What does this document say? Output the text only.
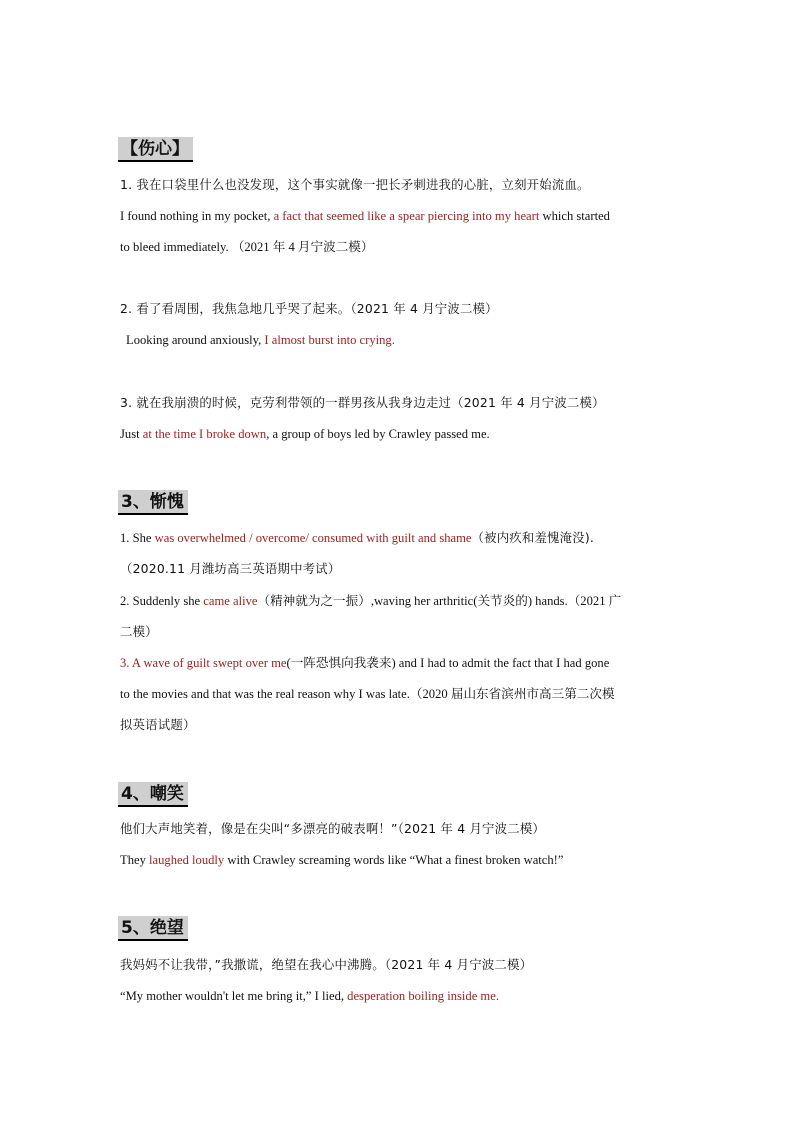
【伤心】
1. 我在口袋里什么也没发现，这个事实就像一把长矛刺进我的心脏，立刻开始流血。
I found nothing in my pocket, a fact that seemed like a spear piercing into my heart which started
to bleed immediately. （2021 年 4 月宁波二模）
2. 看了看周围，我焦急地几乎哭了起来。（2021 年 4 月宁波二模）
Looking around anxiously, I almost burst into crying.
3. 就在我崩溃的时候，克劳利带领的一群男孩从我身边走过（2021 年 4 月宁波二模）
Just at the time I broke down, a group of boys led by Crawley passed me.
3、惭愧
1. She was overwhelmed / overcome/ consumed with guilt and shame（被内疚和羞愧淹没).
（2020.11 月潍坊高三英语期中考试）
2. Suddenly she came alive（精神就为之一振）,waving her arthritic(关节炎的) hands.（2021 广
二模）
3. A wave of guilt swept over me(一阵恐惧向我袭来) and I had to admit the fact that I had gone
to the movies and that was the real reason why I was late.（2020 届山东省滨州市高三第二次模
拟英语试题）
4、嘲笑
他们大声地笑着，像是在尖叫“多漂亮的破表啊！”（2021 年 4 月宁波二模）
They laughed loudly with Crawley screaming words like “What a finest broken watch!”
5、绝望
我妈妈不让我带，”我撒谎，绝望在我心中沸腾。（2021 年 4 月宁波二模）
“My mother wouldn't let me bring it,” I lied, desperation boiling inside me.
